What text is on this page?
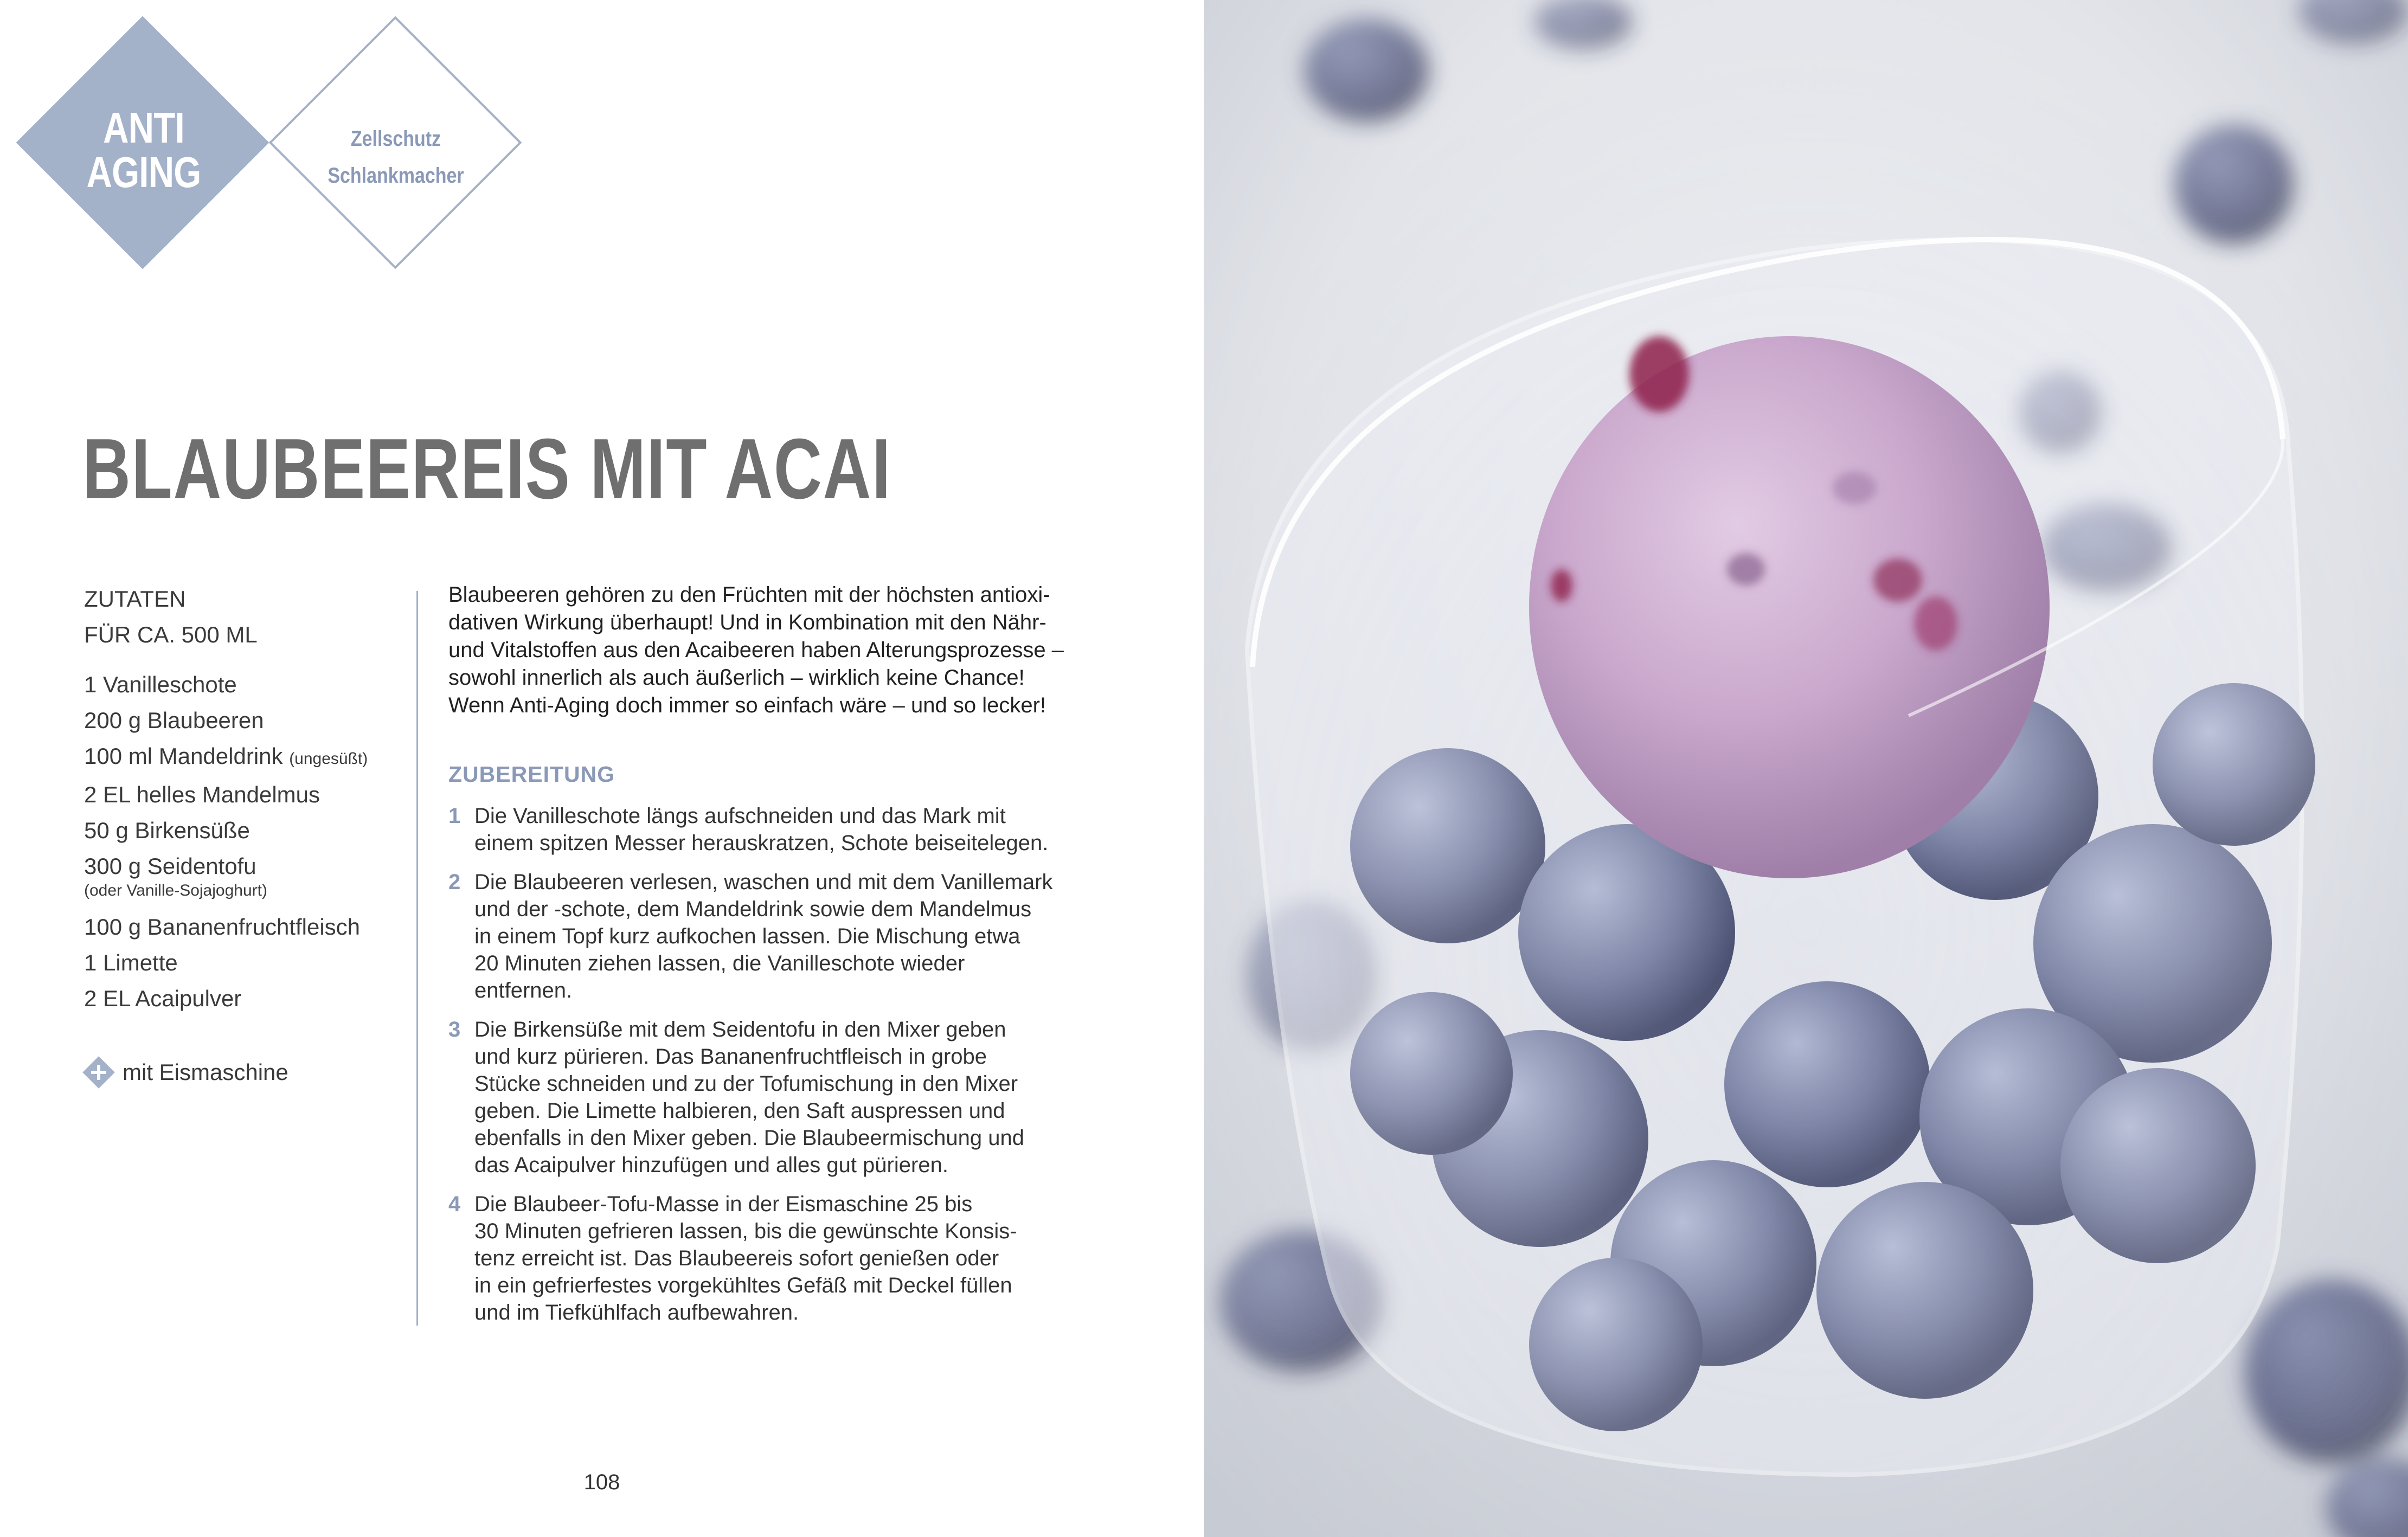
ANTI
AGING
Zellschutz
Schlankmacher
BLAUBEEREIS MIT ACAI
ZUTATEN
FÜR CA. 500 ML
1 Vanilleschote
200 g Blaubeeren
100 ml Mandeldrink (ungesüßt)
2 EL helles Mandelmus
50 g Birkensüße
300 g Seidentofu
(oder Vanille-Sojajoghurt)
100 g Bananenfruchtfleisch
1 Limette
2 EL Acaipulver
mit Eismaschine

Blaubeeren gehören zu den Früchten mit der höchsten antioxi-

dativen Wirkung überhaupt! Und in Kombination mit den Nähr-

und Vitalstoffen aus den Acaibeeren haben Alterungsprozesse –

sowohl innerlich als auch äußerlich – wirklich keine Chance!

Wenn Anti-Aging doch immer so einfach wäre – und so lecker!

ZUBEREITUNG
1 Die Vanilleschote längs aufschneiden und das Mark mit
einem spitzen Messer herauskratzen, Schote beiseitelegen.
2 Die Blaubeeren verlesen, waschen und mit dem Vanillemark
und der -schote, dem Mandeldrink sowie dem Mandelmus
in einem Topf kurz aufkochen lassen. Die Mischung etwa
20 Minuten ziehen lassen, die Vanilleschote wieder
entfernen.
3 Die Birkensüße mit dem Seidentofu in den Mixer geben
und kurz pürieren. Das Bananenfruchtfleisch in grobe
Stücke schneiden und zu der Tofumischung in den Mixer
geben. Die Limette halbieren, den Saft auspressen und
ebenfalls in den Mixer geben. Die Blaubeermischung und
das Acaipulver hinzufügen und alles gut pürieren.
4 Die Blaubeer-Tofu-Masse in der Eismaschine 25 bis
30 Minuten gefrieren lassen, bis die gewünschte Konsis-
tenz erreicht ist. Das Blaubeereis sofort genießen oder
in ein gefrierfestes vorgekühltes Gefäß mit Deckel füllen
und im Tiefkühlfach aufbewahren.
108
